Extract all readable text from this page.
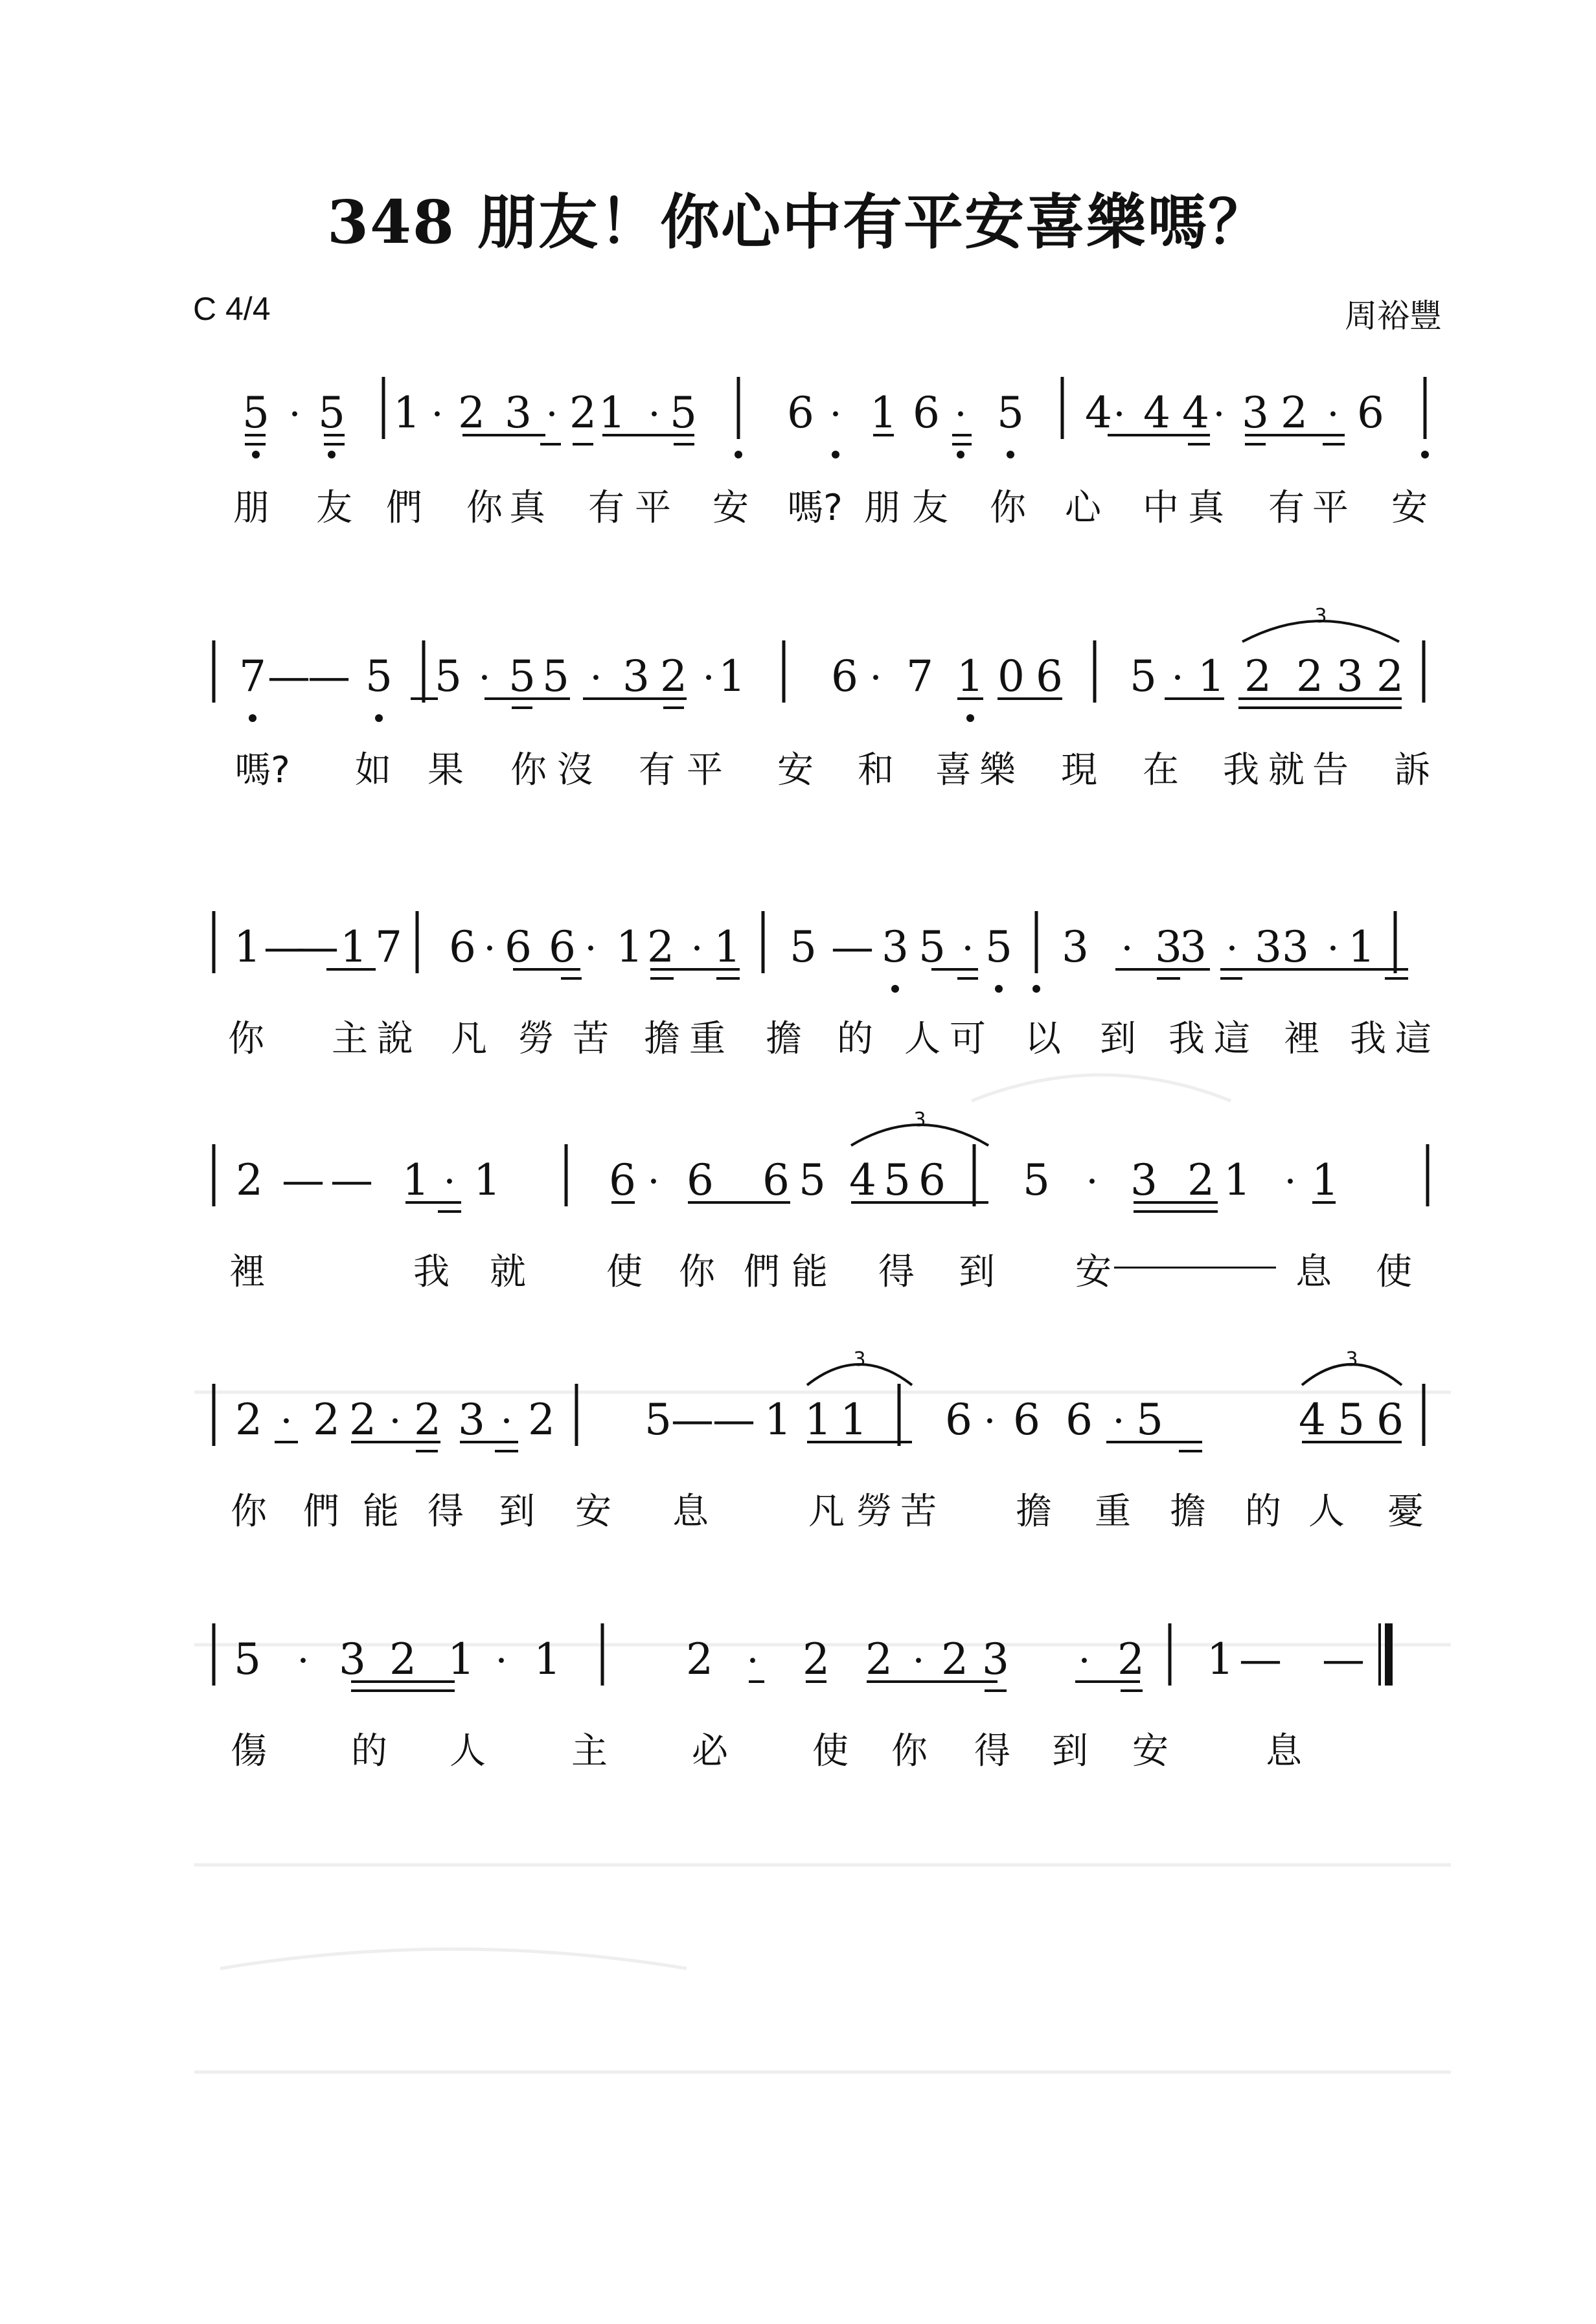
348 朋友！你心中有平安喜樂嗎？
C 4/4	周裕豐
5 · 5 1 · 2 3 · 2 1 · 5 6 · 1 6 · 5 4 · 4 4 · 3 2 · 6
7 —
— 5 5 · 5 5 · 3 2 · 1 6 · 7 1 0 6 5 · 1 2 2 3 2
1 —
— 1 7 6 · 6 6 · 1 2 · 1 5 — 3 5 · 5 3 · 3
3 · 3 3 · 1
2 — — 1 · 1	6 · 6 6 5 4 5 6 5 · 3 2 1 · 1
2 · 2 2 · 2 3 · 2 5 —
— 1 1 1 6 · 6 6 · 5	4 5 6
5 · 3 2 1 · 1	2 · 2 2 · 2 3 · 2 1 — —
3
3
3	3
朋 友 們 你 真 有 平 安 嗎? 朋 友 你 心 中 真 有 平 安
嗎? 如 果 你 沒 有 平 安 和 喜 樂 現 在 我 就 告 訴
你 主 說 凡 勞 苦 擔 重 擔 的 人 可 以 到 我 這 裡 我 這
裡	我 就 使 你 們 能 得 到 安	息 使
你 們 能 得 到 安 息	凡 勞 苦 擔 重 擔 的 人 憂
傷 的 人 主 必 使 你 得 到 安	息
